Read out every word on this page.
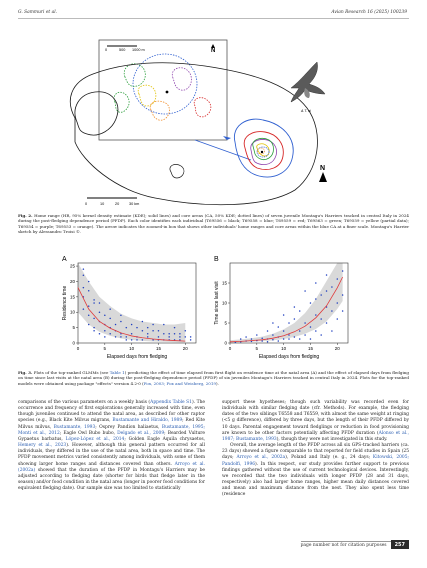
G. Sammuri et al.	Avian Research 16 (2025) 100239
0	500 1000 m	N
0	10	20	30 km
N
A.T. ni
Fig. 2. Home range (HR, 95% kernel density estimate (KDE); solid lines) and core areas (CA, 50% KDE; dotted lines) of seven juvenile Montagu's Harriers tracked in central Italy in 2024 during the post-fledging dependence period (PFDP). Each color identifies each individual (T69556 = black; T69558 = blue; T69559 = red; T69563 = green; T69559 = yellow (partial data); T69554 = purple; T69553 = orange). The arrow indicates the zoomed-in box that shows other individuals' home ranges and core areas within the blue CA at a finer scale. Montagu's Harrier sketch by Alessandro Troisi ©.
A
0	5	10	15	20
0
5
10
15
20
25
Elapsed days from fledging
Residence time
B
0	5	10	15	20
0
5
10
15
Elapsed days from fledging
Time since last visit
Fig. 3. Plots of the top-ranked GLMMs (see Table 1) predicting the effect of time elapsed from first flight on residence time at the natal area (A) and the effect of elapsed days from fledging on time since last visits at the natal area (B) during the post-fledging dependence period (PFDP) of six juveniles Montagu's Harriers tracked in central Italy in 2024. Plots for the top-ranked models were obtained using package "effects" version 4.2-0 (Fox, 2003; Fox and Weisberg, 2019).

comparisons of the various parameters on a weekly basis (Appendix Table S1). The occurrence and frequency of first explorations generally increased with time, even though juveniles continued to attend the natal area, as described for other raptor species (e.g., Black Kite Milvus migrans, Bustamante and Hiraldo, 1989; Red Kite Milvus milvus, Bustamante, 1993; Osprey Pandion haliaetus, Bustamante, 1995; Monti et al., 2012; Eagle Owl Bubo bubo, Delgado et al., 2009; Bearded Vulture Gypaetus barbatus, López-López et al., 2014; Golden Eagle Aquila chrysaetos, Hemery et al., 2023). However, although this general pattern occurred for all individuals, they differed in the use of the natal area, both in space and time. The PFDP movement metrics varied consistently among individuals, with some of them showing larger home ranges and distances covered than others. Arroyo et al. (2002a) showed that the duration of the PFDP in Montagu's Harriers may be adjusted according to fledging date (shorter for birds that fledge later in the season) and/or food condition in the natal area (longer in poorer food conditions for equivalent fledging date). Our sample size was too limited to statistically

support these hypotheses; though such variability was recorded even for individuals with similar fledging date (cfr. Methods). For example, the fledging dates of the two siblings T6558 and T6559, with almost the same weight at ringing (<5 g difference), differed by three days, but the length of their PFDP differed by 10 days. Parental engagement toward fledglings or reduction in food provisioning are known to be other factors potentially affecting PFDP duration (Alonso et al., 1987; Bustamante, 1993), though they were not investigated in this study.

Overall, the average length of the PFDP across all six GPS-tracked harriers (ca. 23 days) showed a figure comparable to that reported for field studies in Spain (25 days; Arroyo et al., 2002a), Poland and Italy (e. g., 24 days; Kitowski, 2005; Pandolfi, 1996). In this respect, our study provides further support to previous findings gathered without the use of current technological devices. Interestingly, we recorded that the two individuals with longer PFDP (28 and 31 days, respectively) also had larger home ranges, higher mean daily distances covered and mean and maximum distance from the nest. They also spent less time (residence

page number not for citation purposes	257
